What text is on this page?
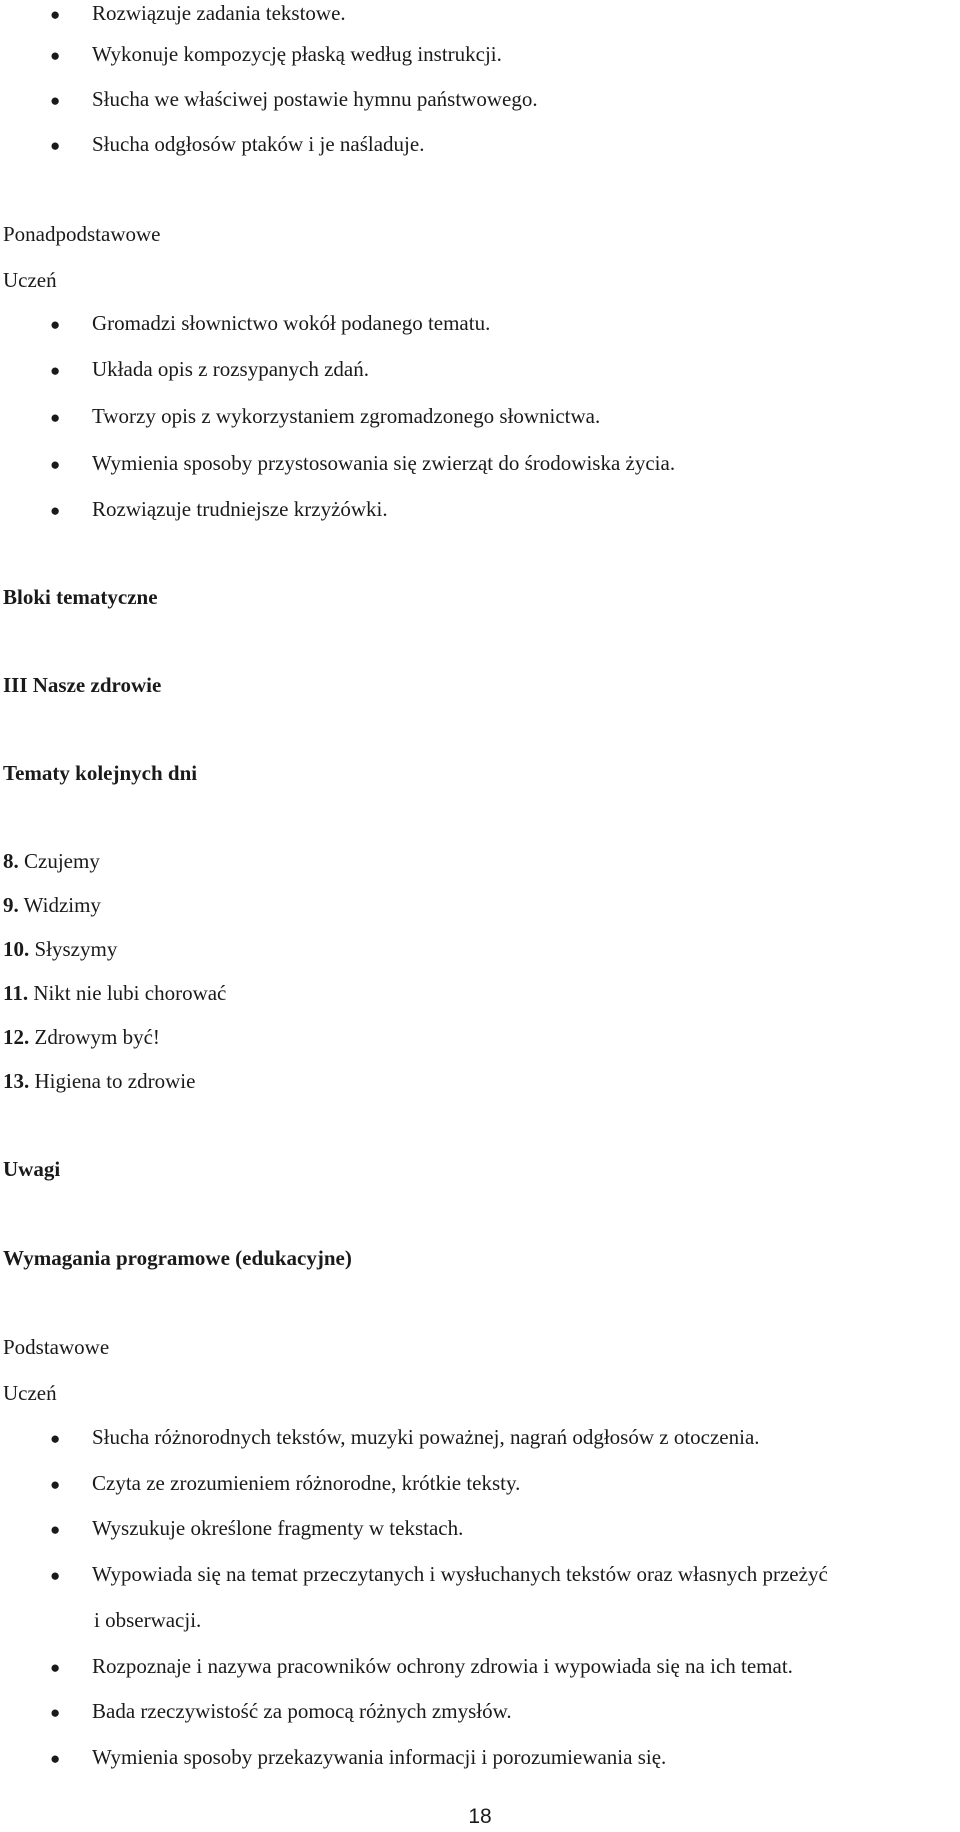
● Rozwiązuje zadania tekstowe.
● Wykonuje kompozycję płaską według instrukcji.
● Słucha we właściwej postawie hymnu państwowego.
● Słucha odgłosów ptaków i je naśladuje.
Ponadpodstawowe
Uczeń
● Gromadzi słownictwo wokół podanego tematu.
● Układa opis z rozsypanych zdań.
● Tworzy opis z wykorzystaniem zgromadzonego słownictwa.
● Wymienia sposoby przystosowania się zwierząt do środowiska życia.
● Rozwiązuje trudniejsze krzyżówki.
Bloki tematyczne
III Nasze zdrowie
Tematy kolejnych dni
8. Czujemy
9. Widzimy
10. Słyszymy
11. Nikt nie lubi chorować
12. Zdrowym być!
13. Higiena to zdrowie
Uwagi
Wymagania programowe (edukacyjne)
Podstawowe
Uczeń
● Słucha różnorodnych tekstów, muzyki poważnej, nagrań odgłosów z otoczenia.
● Czyta ze zrozumieniem różnorodne, krótkie teksty.
● Wyszukuje określone fragmenty w tekstach.
● Wypowiada się na temat przeczytanych i wysłuchanych tekstów oraz własnych przeżyć
i obserwacji.
● Rozpoznaje i nazywa pracowników ochrony zdrowia i wypowiada się na ich temat.
● Bada rzeczywistość za pomocą różnych zmysłów.
● Wymienia sposoby przekazywania informacji i porozumiewania się.
18
